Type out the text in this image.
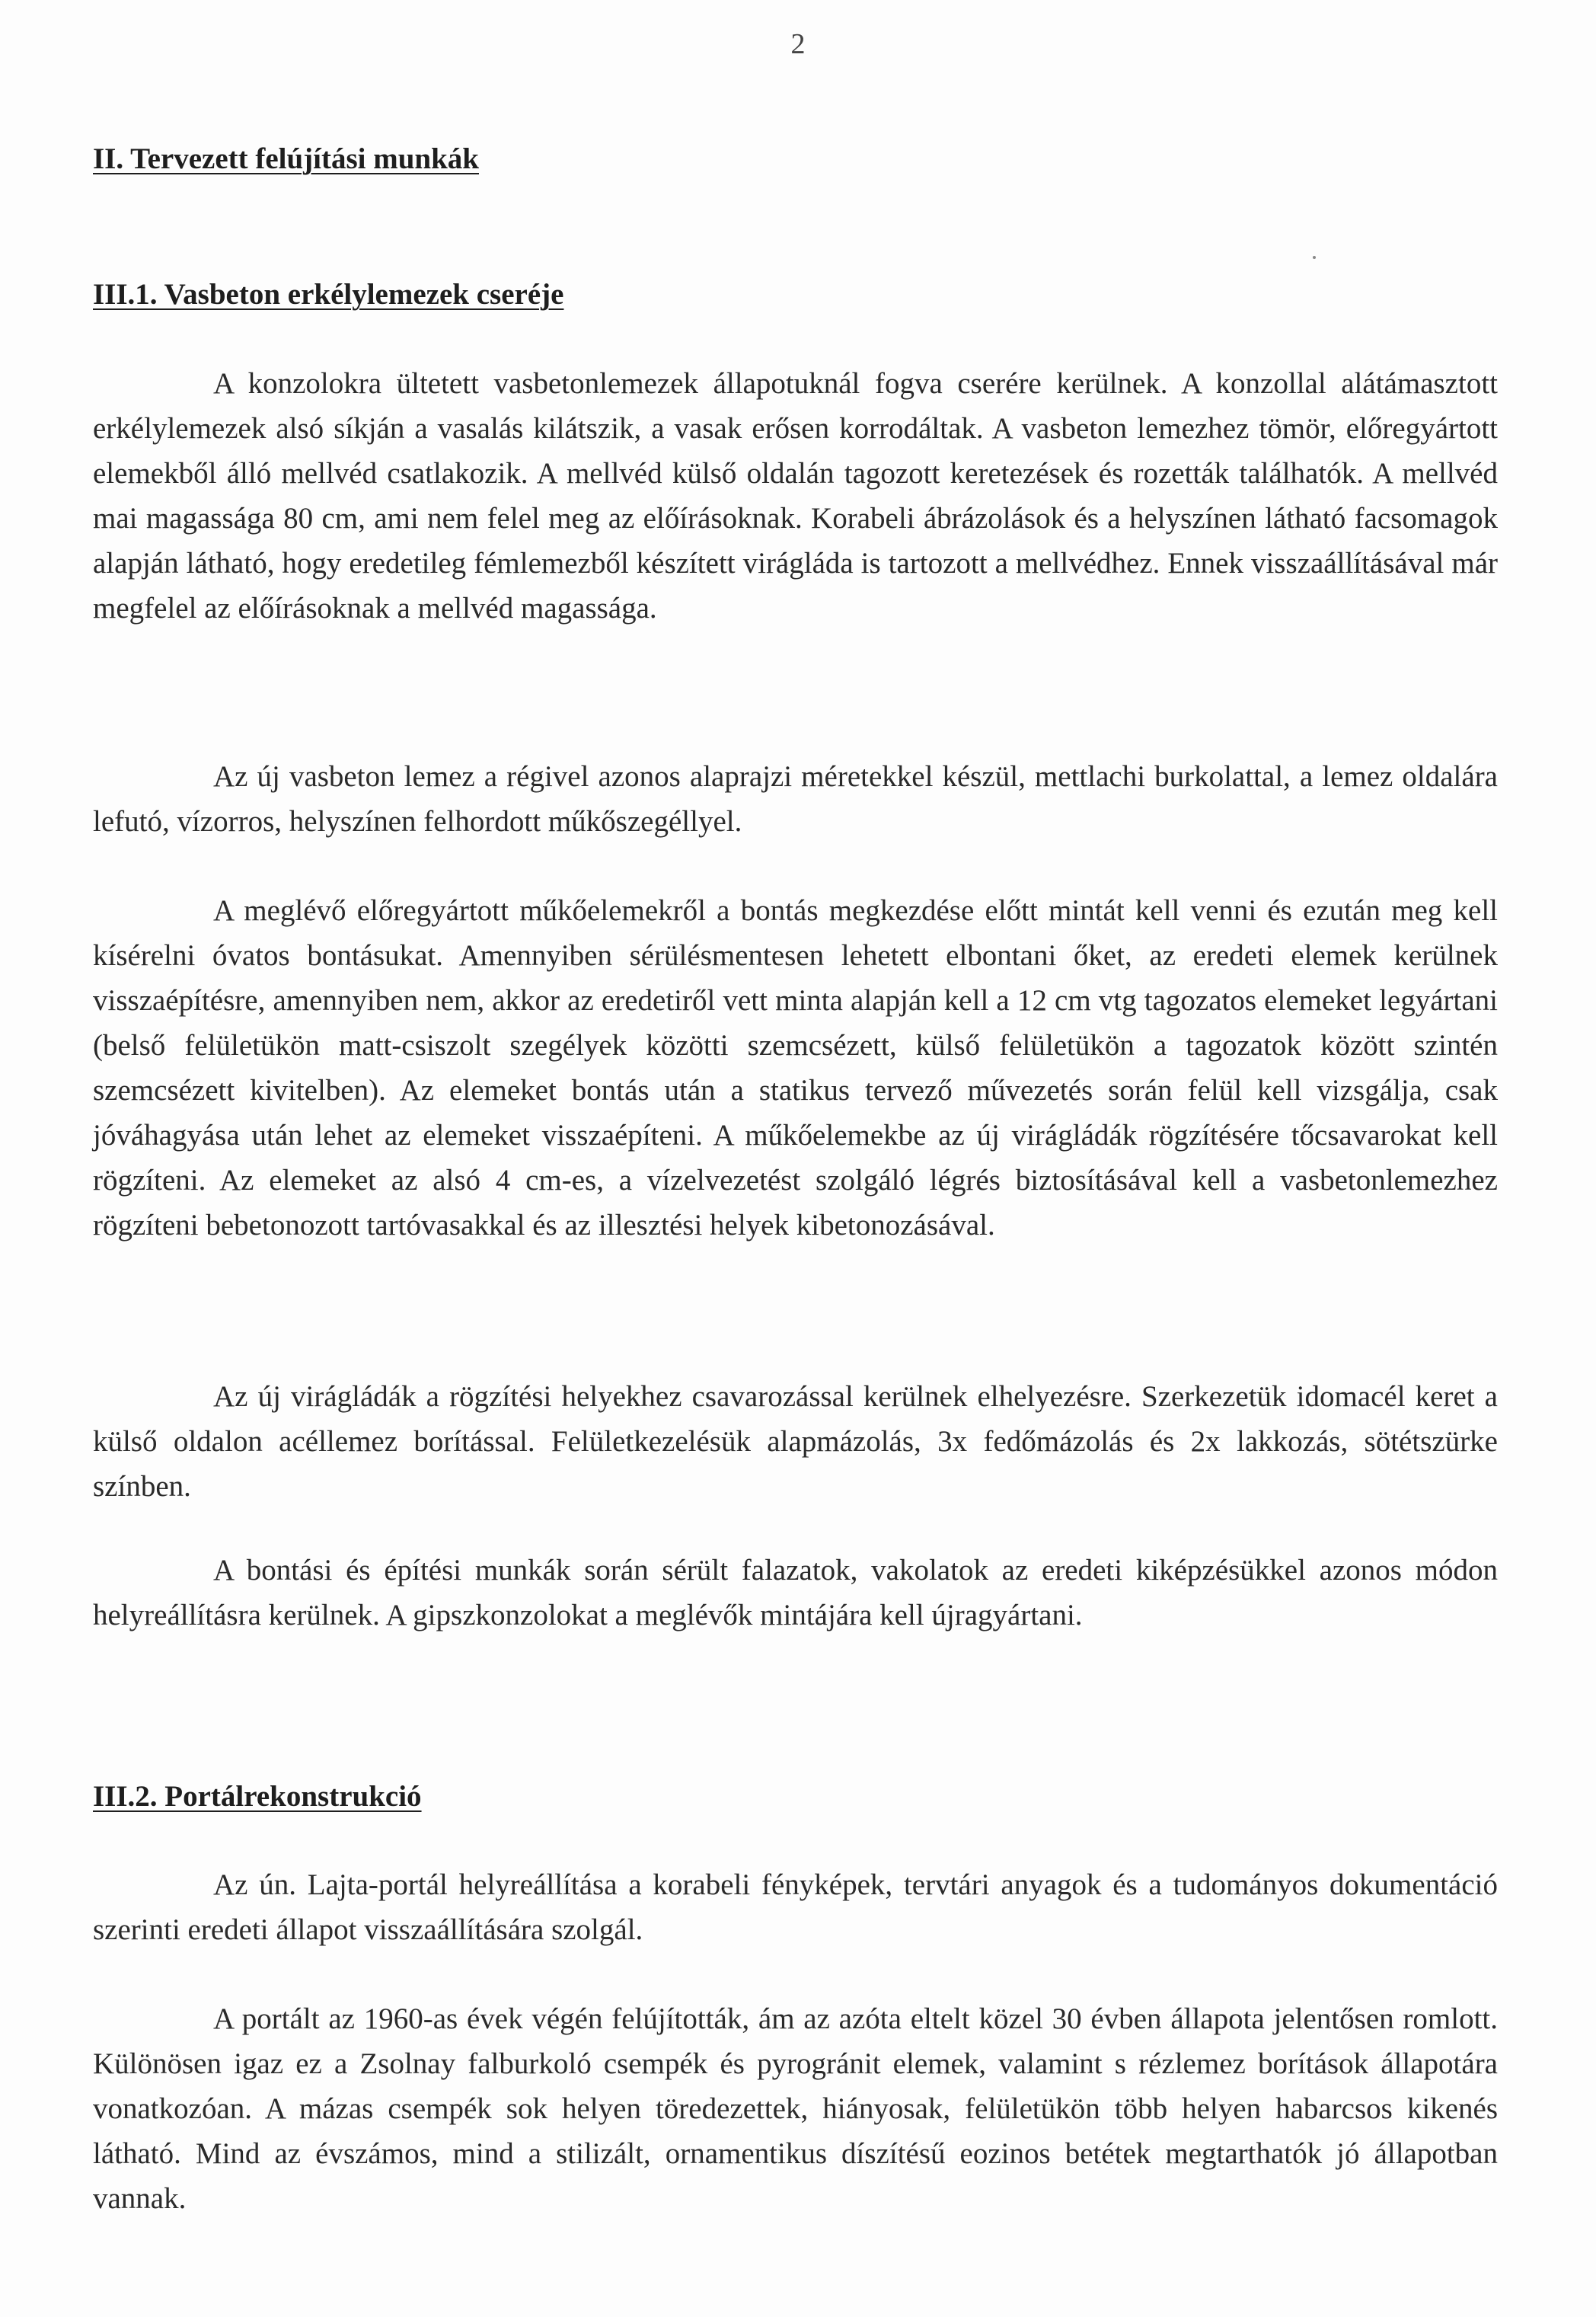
2
II. Tervezett felújítási munkák
III.1. Vasbeton erkélylemezek cseréje

A konzolokra ültetett vasbetonlemezek állapotuknál fogva cserére kerülnek. A konzollal alátámasztott erkélylemezek alsó síkján a vasalás kilátszik, a vasak erősen korrodáltak. A vasbeton lemezhez tömör, előregyártott elemekből álló mellvéd csatlakozik. A mellvéd külső oldalán tagozott keretezések és rozetták találhatók. A mellvéd mai magassága 80 cm, ami nem felel meg az előírásoknak. Korabeli ábrázolások és a helyszínen látható facsomagok alapján látható, hogy eredetileg fémlemezből készített virágláda is tartozott a mellvédhez. Ennek visszaállításával már megfelel az előírásoknak a mellvéd magassága.

Az új vasbeton lemez a régivel azonos alaprajzi méretekkel készül, mettlachi burkolattal, a lemez oldalára lefutó, vízorros, helyszínen felhordott műkőszegéllyel.

A meglévő előregyártott műkőelemekről a bontás megkezdése előtt mintát kell venni és ezután meg kell kísérelni óvatos bontásukat. Amennyiben sérülésmentesen lehetett elbontani őket, az eredeti elemek kerülnek visszaépítésre, amennyiben nem, akkor az eredetiről vett minta alapján kell a 12 cm vtg tagozatos elemeket legyártani (belső felületükön matt-csiszolt szegélyek közötti szemcsézett, külső felületükön a tagozatok között szintén szemcsézett kivitelben). Az elemeket bontás után a statikus tervező művezetés során felül kell vizsgálja, csak jóváhagyása után lehet az elemeket visszaépíteni. A műkőelemekbe az új virágládák rögzítésére tőcsavarokat kell rögzíteni. Az elemeket az alsó 4 cm-es, a vízelvezetést szolgáló légrés biztosításával kell a vasbetonlemezhez rögzíteni bebetonozott tartóvasakkal és az illesztési helyek kibetonozásával.

Az új virágládák a rögzítési helyekhez csavarozással kerülnek elhelyezésre. Szerkezetük idomacél keret a külső oldalon acéllemez borítással. Felületkezelésük alapmázolás, 3x fedőmázolás és 2x lakkozás, sötétszürke színben.

A bontási és építési munkák során sérült falazatok, vakolatok az eredeti kiképzésükkel azonos módon helyreállításra kerülnek. A gipszkonzolokat a meglévők mintájára kell újragyártani.

III.2. Portálrekonstrukció

Az ún. Lajta-portál helyreállítása a korabeli fényképek, tervtári anyagok és a tudományos dokumentáció szerinti eredeti állapot visszaállítására szolgál.

A portált az 1960-as évek végén felújították, ám az azóta eltelt közel 30 évben állapota jelentősen romlott. Különösen igaz ez a Zsolnay falburkoló csempék és pyrogránit elemek, valamint s rézlemez borítások állapotára vonatkozóan. A mázas csempék sok helyen töredezettek, hiányosak, felületükön több helyen habarcsos kikenés látható. Mind az évszámos, mind a stilizált, ornamentikus díszítésű eozinos betétek megtarthatók jó állapotban vannak.
